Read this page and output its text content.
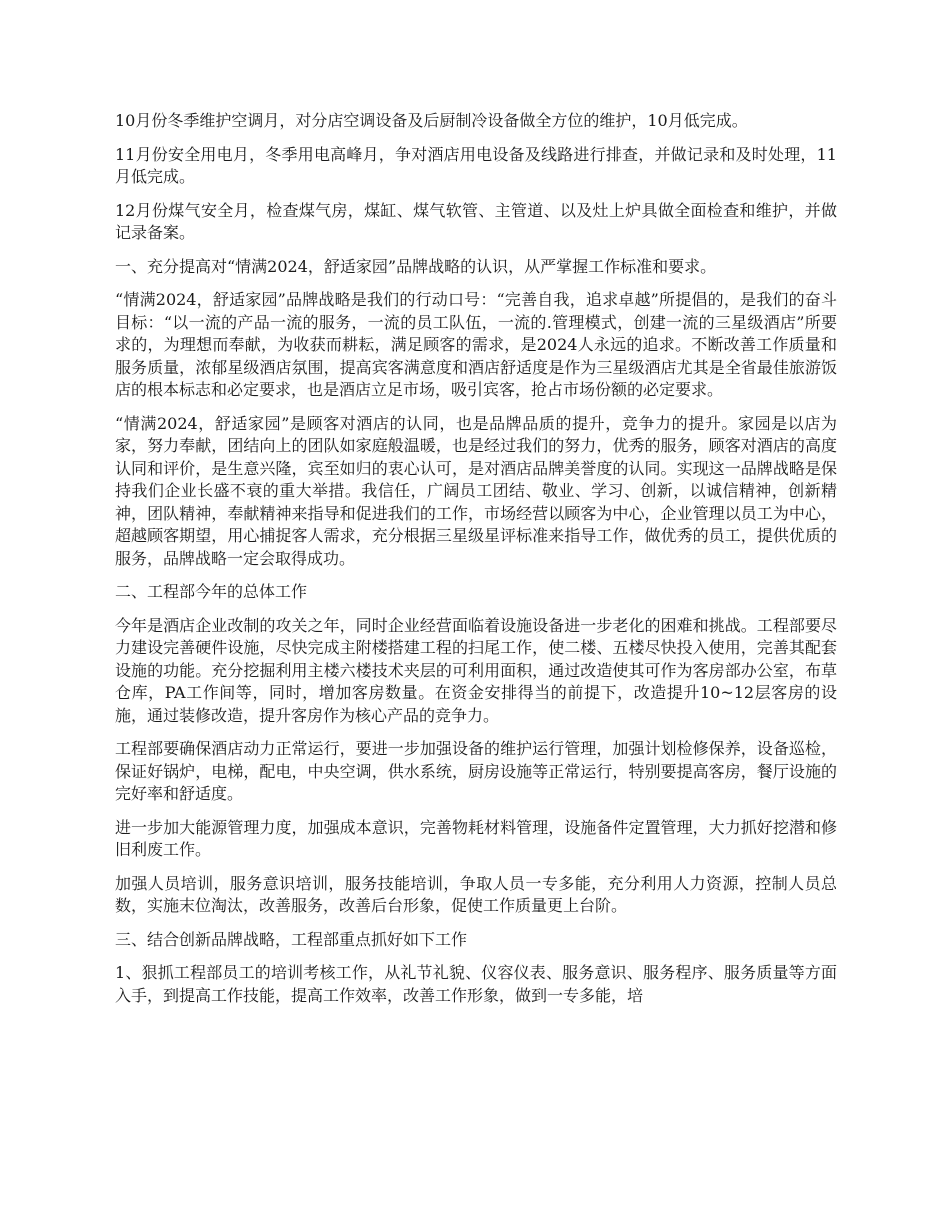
10月份冬季维护空调月，对分店空调设备及后厨制冷设备做全方位的维护，10月低完成。

11月份安全用电月，冬季用电高峰月，争对酒店用电设备及线路进行排查，并做记录和及时处理，11月低完成。

12月份煤气安全月，检查煤气房，煤缸、煤气软管、主管道、以及灶上炉具做全面检查和维护，并做记录备案。

一、充分提高对“情满2024，舒适家园”品牌战略的认识，从严掌握工作标准和要求。

“情满2024，舒适家园”品牌战略是我们的行动口号：“完善自我，追求卓越”所提倡的，是我们的奋斗目标：“以一流的产品一流的服务，一流的员工队伍，一流的.管理模式，创建一流的三星级酒店”所要求的，为理想而奉献，为收获而耕耘，满足顾客的需求，是2024人永远的追求。不断改善工作质量和服务质量，浓郁星级酒店氛围，提高宾客满意度和酒店舒适度是作为三星级酒店尤其是全省最佳旅游饭店的根本标志和必定要求，也是酒店立足市场，吸引宾客，抢占市场份额的必定要求。

“情满2024，舒适家园”是顾客对酒店的认同，也是品牌品质的提升，竞争力的提升。家园是以店为家，努力奉献，团结向上的团队如家庭般温暖，也是经过我们的努力，优秀的服务，顾客对酒店的高度认同和评价，是生意兴隆，宾至如归的衷心认可，是对酒店品牌美誉度的认同。实现这一品牌战略是保持我们企业长盛不衰的重大举措。我信任，广阔员工团结、敬业、学习、创新，以诚信精神，创新精神，团队精神，奉献精神来指导和促进我们的工作，市场经营以顾客为中心，企业管理以员工为中心，超越顾客期望，用心捕捉客人需求，充分根据三星级星评标准来指导工作，做优秀的员工，提供优质的服务，品牌战略一定会取得成功。

二、工程部今年的总体工作

今年是酒店企业改制的攻关之年，同时企业经营面临着设施设备进一步老化的困难和挑战。工程部要尽力建设完善硬件设施，尽快完成主附楼搭建工程的扫尾工作，使二楼、五楼尽快投入使用，完善其配套设施的功能。充分挖掘利用主楼六楼技术夹层的可利用面积，通过改造使其可作为客房部办公室，布草仓库，PA工作间等，同时，增加客房数量。在资金安排得当的前提下，改造提升10~12层客房的设施，通过装修改造，提升客房作为核心产品的竞争力。

工程部要确保酒店动力正常运行，要进一步加强设备的维护运行管理，加强计划检修保养，设备巡检，保证好锅炉，电梯，配电，中央空调，供水系统，厨房设施等正常运行，特别要提高客房，餐厅设施的完好率和舒适度。

进一步加大能源管理力度，加强成本意识，完善物耗材料管理，设施备件定置管理，大力抓好挖潜和修旧利废工作。

加强人员培训，服务意识培训，服务技能培训，争取人员一专多能，充分利用人力资源，控制人员总数，实施末位淘汰，改善服务，改善后台形象，促使工作质量更上台阶。

三、结合创新品牌战略，工程部重点抓好如下工作

1、狠抓工程部员工的培训考核工作，从礼节礼貌、仪容仪表、服务意识、服务程序、服务质量等方面入手，到提高工作技能，提高工作效率，改善工作形象，做到一专多能，培
